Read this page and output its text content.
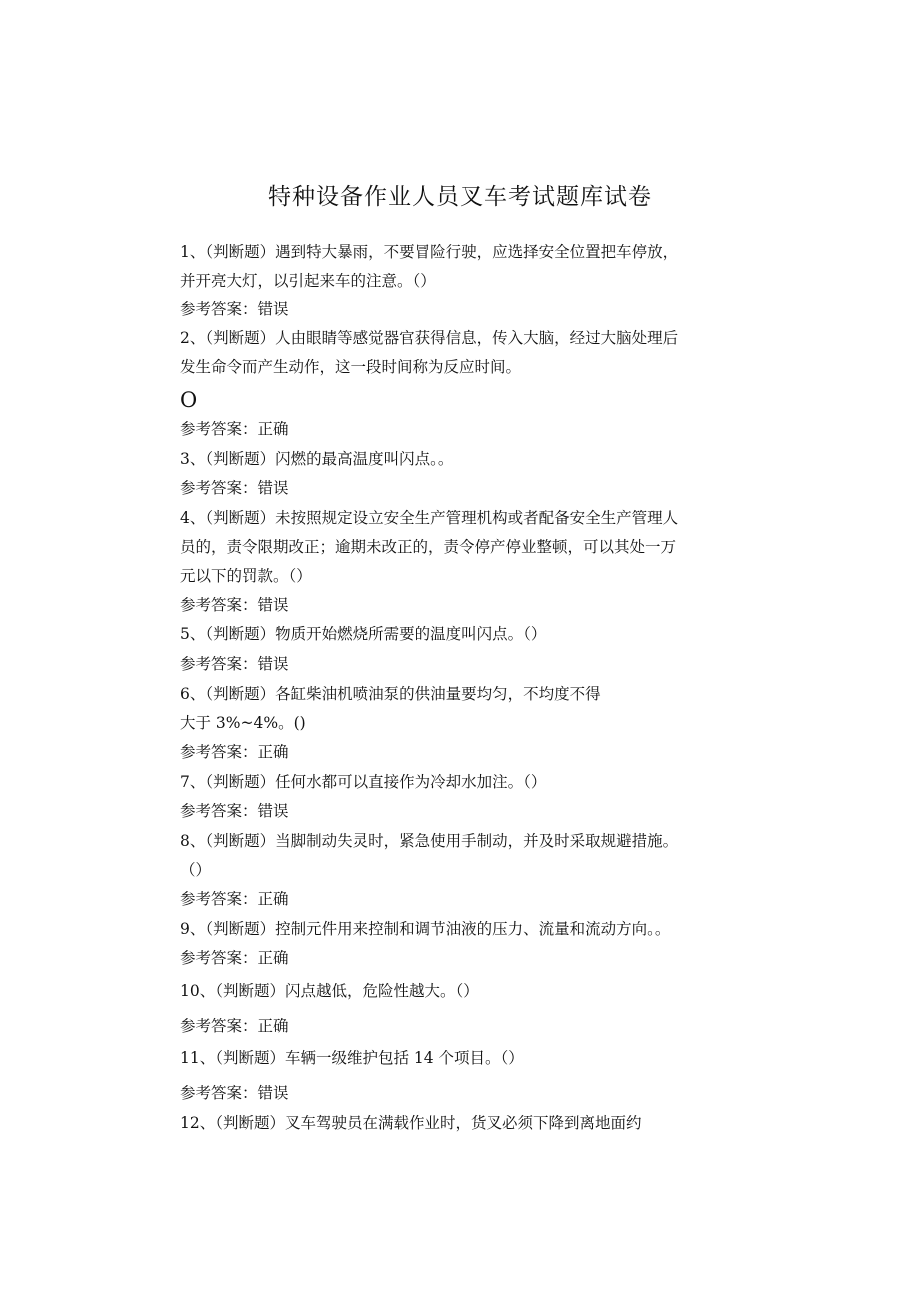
特种设备作业人员叉车考试题库试卷
1、（判断题）遇到特大暴雨，不要冒险行驶，应选择安全位置把车停放，
并开亮大灯，以引起来车的注意。（）
参考答案：错误
2、（判断题）人由眼睛等感觉器官获得信息，传入大脑，经过大脑处理后
发生命令而产生动作，这一段时间称为反应时间。
O
参考答案：正确
3、（判断题）闪燃的最高温度叫闪点。。
参考答案：错误
4、（判断题）未按照规定设立安全生产管理机构或者配备安全生产管理人
员的，责令限期改正；逾期未改正的，责令停产停业整顿，可以其处一万
元以下的罚款。（）
参考答案：错误
5、（判断题）物质开始燃烧所需要的温度叫闪点。（）
参考答案：错误
6、（判断题）各缸柴油机喷油泵的供油量要均匀，不均度不得
大于 3%~4%。()
参考答案：正确
7、（判断题）任何水都可以直接作为冷却水加注。（）
参考答案：错误
8、（判断题）当脚制动失灵时，紧急使用手制动，并及时采取规避措施。
（）
参考答案：正确
9、（判断题）控制元件用来控制和调节油液的压力、流量和流动方向。。
参考答案：正确
10、（判断题）闪点越低，危险性越大。（）
参考答案：正确
11、（判断题）车辆一级维护包括 14 个项目。（）
参考答案：错误
12、（判断题）叉车驾驶员在满载作业时，货叉必须下降到离地面约
